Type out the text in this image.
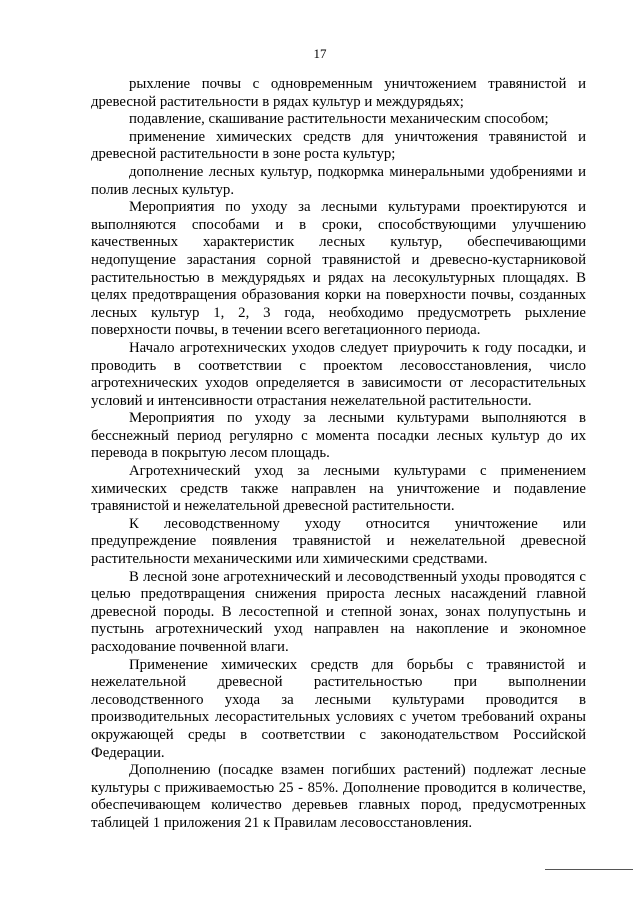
17

рыхление почвы с одновременным уничтожением травянистой и древесной растительности в рядах культур и междурядьях;

подавление, скашивание растительности механическим способом;

применение химических средств для уничтожения травянистой и древесной растительности в зоне роста культур;

дополнение лесных культур, подкормка минеральными удобрениями и полив лесных культур.

Мероприятия по уходу за лесными культурами проектируются и выполняются способами и в сроки, способствующими улучшению качественных характеристик лесных культур, обеспечивающими недопущение зарастания сорной травянистой и древесно-кустарниковой растительностью в междурядьях и рядах на лесокультурных площадях. В целях предотвращения образования корки на поверхности почвы, созданных лесных культур 1, 2, 3 года, необходимо предусмотреть рыхление поверхности почвы, в течении всего вегетационного периода.

Начало агротехнических уходов следует приурочить к году посадки, и проводить в соответствии с проектом лесовосстановления, число агротехнических уходов определяется в зависимости от лесорастительных условий и интенсивности отрастания нежелательной растительности.

Мероприятия по уходу за лесными культурами выполняются в бесснежный период регулярно с момента посадки лесных культур до их перевода в покрытую лесом площадь.

Агротехнический уход за лесными культурами с применением химических средств также направлен на уничтожение и подавление травянистой и нежелательной древесной растительности.

К лесоводственному уходу относится уничтожение или предупреждение появления травянистой и нежелательной древесной растительности механическими или химическими средствами.

В лесной зоне агротехнический и лесоводственный уходы проводятся с целью предотвращения снижения прироста лесных насаждений главной древесной породы. В лесостепной и степной зонах, зонах полупустынь и пустынь агротехнический уход направлен на накопление и экономное расходование почвенной влаги.

Применение химических средств для борьбы с травянистой и нежелательной древесной растительностью при выполнении лесоводственного ухода за лесными культурами проводится в производительных лесорастительных условиях с учетом требований охраны окружающей среды в соответствии с законодательством Российской Федерации.

Дополнению (посадке взамен погибших растений) подлежат лесные культуры с приживаемостью 25 - 85%. Дополнение проводится в количестве, обеспечивающем количество деревьев главных пород, предусмотренных таблицей 1 приложения 21 к Правилам лесовосстановления.
